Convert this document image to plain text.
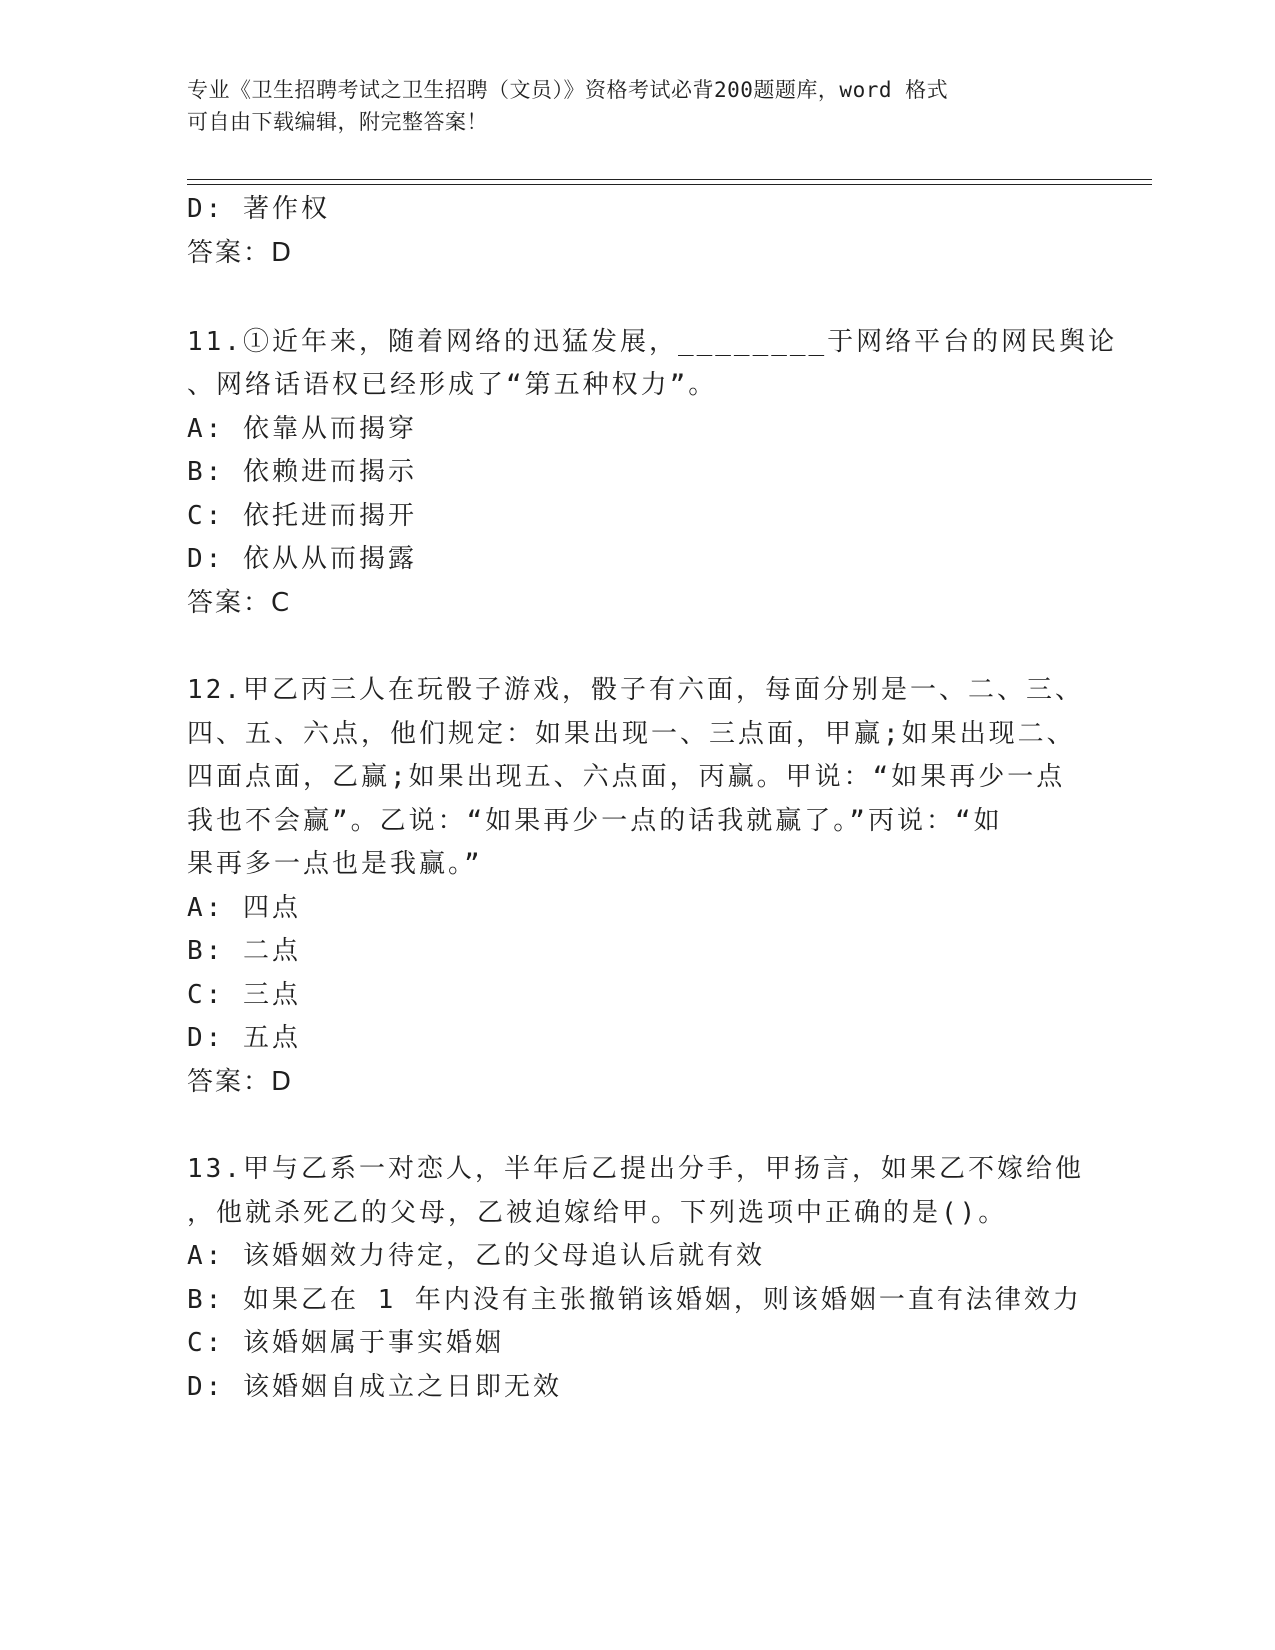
专业《卫生招聘考试之卫生招聘（文员）》资格考试必背200题题库，word 格式
可自由下载编辑，附完整答案！
D: 著作权
答案：D
11.①近年来，随着网络的迅猛发展，________于网络平台的网民舆论
、网络话语权已经形成了“第五种权力”。
A: 依靠从而揭穿
B: 依赖进而揭示
C: 依托进而揭开
D: 依从从而揭露
答案：C
12.甲乙丙三人在玩骰子游戏，骰子有六面，每面分别是一、二、三、
四、五、六点，他们规定：如果出现一、三点面，甲赢;如果出现二、
四面点面，乙赢;如果出现五、六点面，丙赢。甲说：“如果再少一点
我也不会赢”。乙说：“如果再少一点的话我就赢了。”丙说：“如
果再多一点也是我赢。”
A: 四点
B: 二点
C: 三点
D: 五点
答案：D
13.甲与乙系一对恋人，半年后乙提出分手，甲扬言，如果乙不嫁给他
，他就杀死乙的父母，乙被迫嫁给甲。下列选项中正确的是()。
A: 该婚姻效力待定，乙的父母追认后就有效
B: 如果乙在 1 年内没有主张撤销该婚姻，则该婚姻一直有法律效力
C: 该婚姻属于事实婚姻
D: 该婚姻自成立之日即无效
